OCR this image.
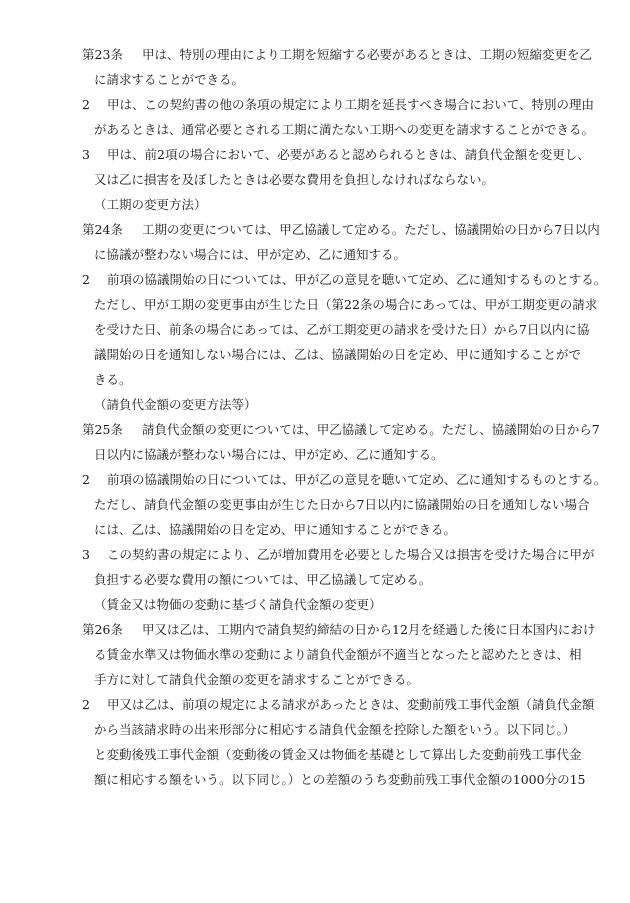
第23条 甲は、特別の理由により工期を短縮する必要があるときは、工期の短縮変更を乙
に請求することができる。
2 甲は、この契約書の他の条項の規定により工期を延長すべき場合において、特別の理由
があるときは、通常必要とされる工期に満たない工期への変更を請求することができる。
3 甲は、前2項の場合において、必要があると認められるときは、請負代金額を変更し、
又は乙に損害を及ぼしたときは必要な費用を負担しなければならない。
（工期の変更方法）
第24条 工期の変更については、甲乙協議して定める。ただし、協議開始の日から7日以内
に協議が整わない場合には、甲が定め、乙に通知する。
2 前項の協議開始の日については、甲が乙の意見を聴いて定め、乙に通知するものとする。
ただし、甲が工期の変更事由が生じた日（第22条の場合にあっては、甲が工期変更の請求
を受けた日、前条の場合にあっては、乙が工期変更の請求を受けた日）から7日以内に協
議開始の日を通知しない場合には、乙は、協議開始の日を定め、甲に通知することがで
きる。
（請負代金額の変更方法等）
第25条 請負代金額の変更については、甲乙協議して定める。ただし、協議開始の日から7
日以内に協議が整わない場合には、甲が定め、乙に通知する。
2 前項の協議開始の日については、甲が乙の意見を聴いて定め、乙に通知するものとする。
ただし、請負代金額の変更事由が生じた日から7日以内に協議開始の日を通知しない場合
には、乙は、協議開始の日を定め、甲に通知することができる。
3 この契約書の規定により、乙が増加費用を必要とした場合又は損害を受けた場合に甲が
負担する必要な費用の額については、甲乙協議して定める。
（賃金又は物価の変動に基づく請負代金額の変更）
第26条 甲又は乙は、工期内で請負契約締結の日から12月を経過した後に日本国内におけ
る賃金水準又は物価水準の変動により請負代金額が不適当となったと認めたときは、相
手方に対して請負代金額の変更を請求することができる。
2 甲又は乙は、前項の規定による請求があったときは、変動前残工事代金額（請負代金額
から当該請求時の出来形部分に相応する請負代金額を控除した額をいう。以下同じ。）
と変動後残工事代金額（変動後の賃金又は物価を基礎として算出した変動前残工事代金
額に相応する額をいう。以下同じ。）との差額のうち変動前残工事代金額の1000分の15
